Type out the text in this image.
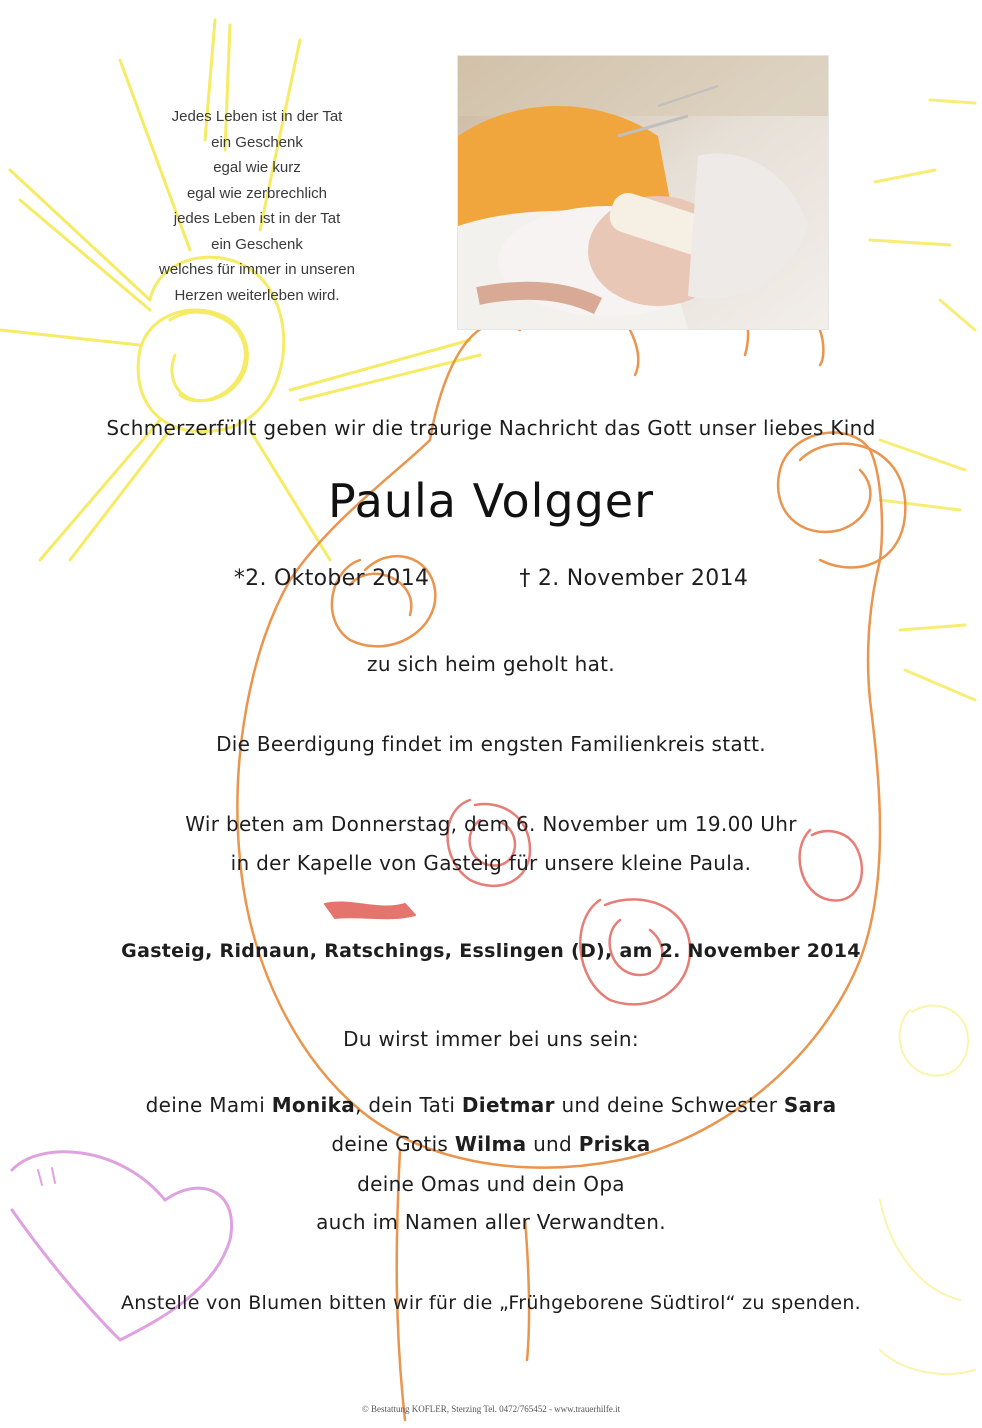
Jedes Leben ist in der Tat
ein Geschenk
egal wie kurz
egal wie zerbrechlich
jedes Leben ist in der Tat
ein Geschenk
welches für immer in unseren
Herzen weiterleben wird.
Schmerzerfüllt geben wir die traurige Nachricht das Gott unser liebes Kind
Paula Volgger
*2. Oktober 2014	† 2. November 2014
zu sich heim geholt hat.
Die Beerdigung findet im engsten Familienkreis statt.
Wir beten am Donnerstag, dem 6. November um 19.00 Uhr
in der Kapelle von Gasteig für unsere kleine Paula.
Gasteig, Ridnaun, Ratschings, Esslingen (D), am 2. November 2014
Du wirst immer bei uns sein:
deine Mami Monika, dein Tati Dietmar und deine Schwester Sara
deine Gotis Wilma und Priska
deine Omas und dein Opa
auch im Namen aller Verwandten.
Anstelle von Blumen bitten wir für die „Frühgeborene Südtirol“ zu spenden.
© Bestattung KOFLER, Sterzing Tel. 0472/765452 - www.trauerhilfe.it
